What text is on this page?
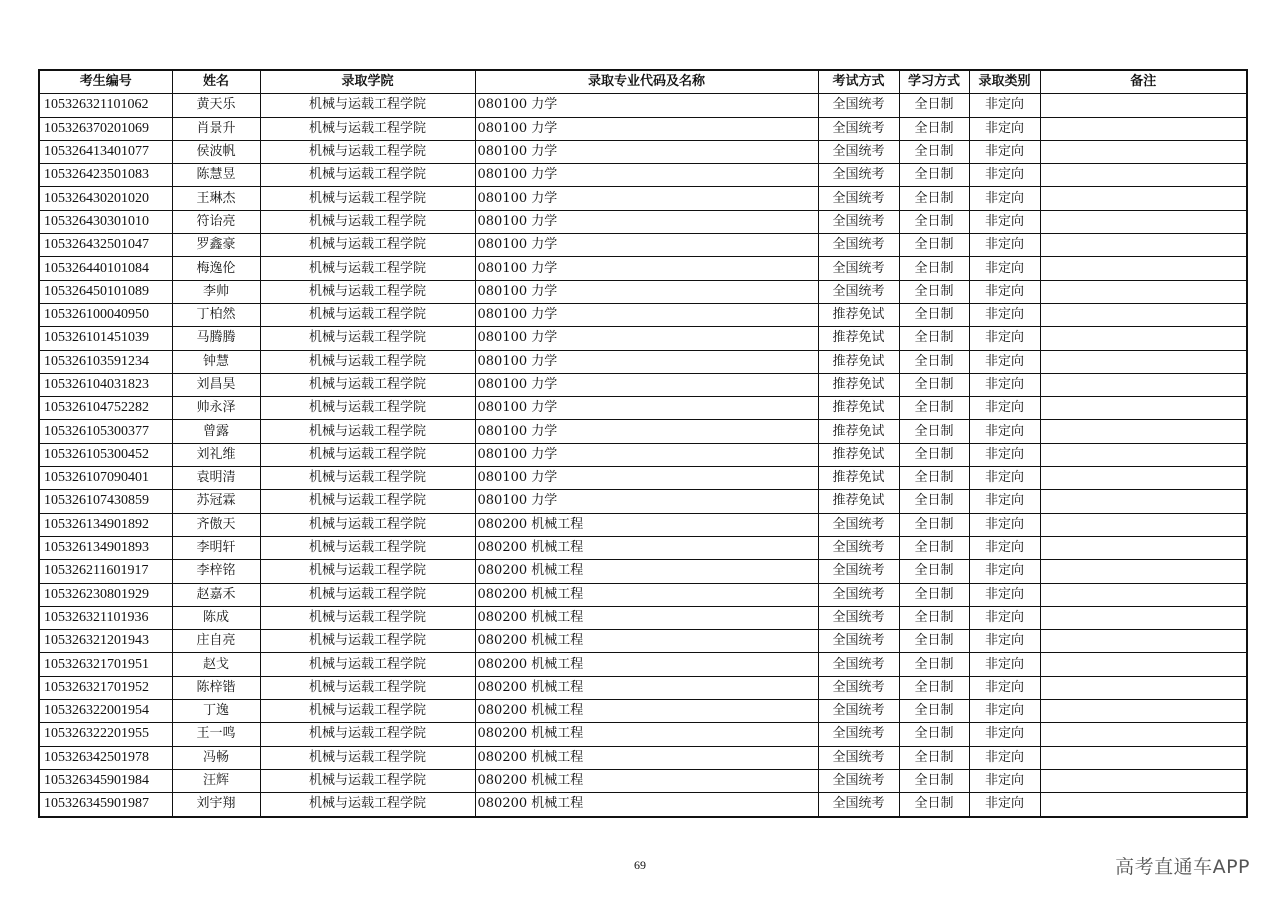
考生编号	姓名	录取学院	录取专业代码及名称	考试方式	学习方式	录取类别	备注
105326321101062	黄天乐	机械与运载工程学院	080100 力学	全国统考	全日制	非定向	
105326370201069	肖景升	机械与运载工程学院	080100 力学	全国统考	全日制	非定向	
105326413401077	侯波帆	机械与运载工程学院	080100 力学	全国统考	全日制	非定向	
105326423501083	陈慧昱	机械与运载工程学院	080100 力学	全国统考	全日制	非定向	
105326430201020	王琳杰	机械与运载工程学院	080100 力学	全国统考	全日制	非定向	
105326430301010	符诒亮	机械与运载工程学院	080100 力学	全国统考	全日制	非定向	
105326432501047	罗鑫豪	机械与运载工程学院	080100 力学	全国统考	全日制	非定向	
105326440101084	梅逸伦	机械与运载工程学院	080100 力学	全国统考	全日制	非定向	
105326450101089	李帅	机械与运载工程学院	080100 力学	全国统考	全日制	非定向	
105326100040950	丁柏然	机械与运载工程学院	080100 力学	推荐免试	全日制	非定向	
105326101451039	马腾腾	机械与运载工程学院	080100 力学	推荐免试	全日制	非定向	
105326103591234	钟慧	机械与运载工程学院	080100 力学	推荐免试	全日制	非定向	
105326104031823	刘昌昊	机械与运载工程学院	080100 力学	推荐免试	全日制	非定向	
105326104752282	帅永泽	机械与运载工程学院	080100 力学	推荐免试	全日制	非定向	
105326105300377	曾露	机械与运载工程学院	080100 力学	推荐免试	全日制	非定向	
105326105300452	刘礼维	机械与运载工程学院	080100 力学	推荐免试	全日制	非定向	
105326107090401	袁明清	机械与运载工程学院	080100 力学	推荐免试	全日制	非定向	
105326107430859	苏冠霖	机械与运载工程学院	080100 力学	推荐免试	全日制	非定向	
105326134901892	齐傲天	机械与运载工程学院	080200 机械工程	全国统考	全日制	非定向	
105326134901893	李明轩	机械与运载工程学院	080200 机械工程	全国统考	全日制	非定向	
105326211601917	李梓铭	机械与运载工程学院	080200 机械工程	全国统考	全日制	非定向	
105326230801929	赵嘉禾	机械与运载工程学院	080200 机械工程	全国统考	全日制	非定向	
105326321101936	陈成	机械与运载工程学院	080200 机械工程	全国统考	全日制	非定向	
105326321201943	庄自亮	机械与运载工程学院	080200 机械工程	全国统考	全日制	非定向	
105326321701951	赵戈	机械与运载工程学院	080200 机械工程	全国统考	全日制	非定向	
105326321701952	陈梓锴	机械与运载工程学院	080200 机械工程	全国统考	全日制	非定向	
105326322001954	丁逸	机械与运载工程学院	080200 机械工程	全国统考	全日制	非定向	
105326322201955	王一鸣	机械与运载工程学院	080200 机械工程	全国统考	全日制	非定向	
105326342501978	冯畅	机械与运载工程学院	080200 机械工程	全国统考	全日制	非定向	
105326345901984	汪辉	机械与运载工程学院	080200 机械工程	全国统考	全日制	非定向	
105326345901987	刘宇翔	机械与运载工程学院	080200 机械工程	全国统考	全日制	非定向	
69	高考直通车APP
